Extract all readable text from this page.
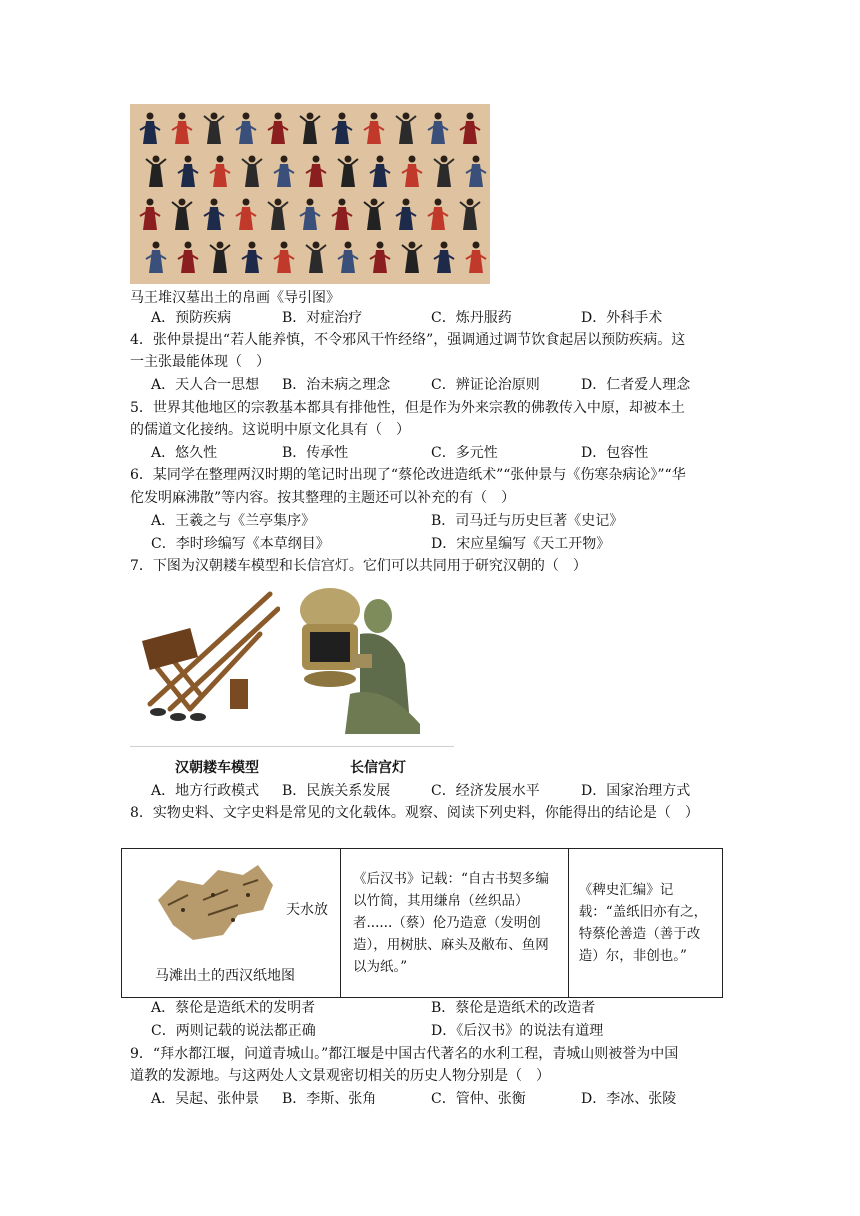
马王堆汉墓出土的帛画《导引图》
A．预防疾病	B．对症治疗	C．炼丹服药	D．外科手术
4．张仲景提出“若人能养慎，不令邪风干忤经络”，强调通过调节饮食起居以预防疾病。这
一主张最能体现（　）
A．天人合一思想 B．治未病之理念	C．辨证论治原则	D．仁者爱人理念
5．世界其他地区的宗教基本都具有排他性，但是作为外来宗教的佛教传入中原，却被本土
的儒道文化接纳。这说明中原文化具有（　）
A．悠久性	B．传承性	C．多元性	D．包容性
6．某同学在整理两汉时期的笔记时出现了“蔡伦改进造纸术”“张仲景与《伤寒杂病论》”“华
佗发明麻沸散”等内容。按其整理的主题还可以补充的有（　）
A．王羲之与《兰亭集序》	B．司马迁与历史巨著《史记》
C．李时珍编写《本草纲目》	D．宋应星编写《天工开物》
7．下图为汉朝耧车模型和长信宫灯。它们可以共同用于研究汉朝的（　）
汉朝耧车模型	长信宫灯
A．地方行政模式 B．民族关系发展	C．经济发展水平	D．国家治理方式
8．实物史料、文字史料是常见的文化载体。观察、阅读下列史料，你能得出的结论是（　）
天水放
马滩出土的西汉纸地图

《后汉书》记载：“自古书契多编以竹简，其用缣帛（丝织品）者......（蔡）伦乃造意（发明创造），用树肤、麻头及敝布、鱼网以为纸。”

《稗史汇编》记载：“盖纸旧亦有之，特蔡伦善造（善于改造）尔，非创也。”
A．蔡伦是造纸术的发明者	B．蔡伦是造纸术的改造者
C．两则记载的说法都正确	D．《后汉书》的说法有道理
9．“拜水都江堰，问道青城山。”都江堰是中国古代著名的水利工程，青城山则被誉为中国
道教的发源地。与这两处人文景观密切相关的历史人物分别是（　）
A．吴起、张仲景 B．李斯、张角	C．管仲、张衡	D．李冰、张陵
